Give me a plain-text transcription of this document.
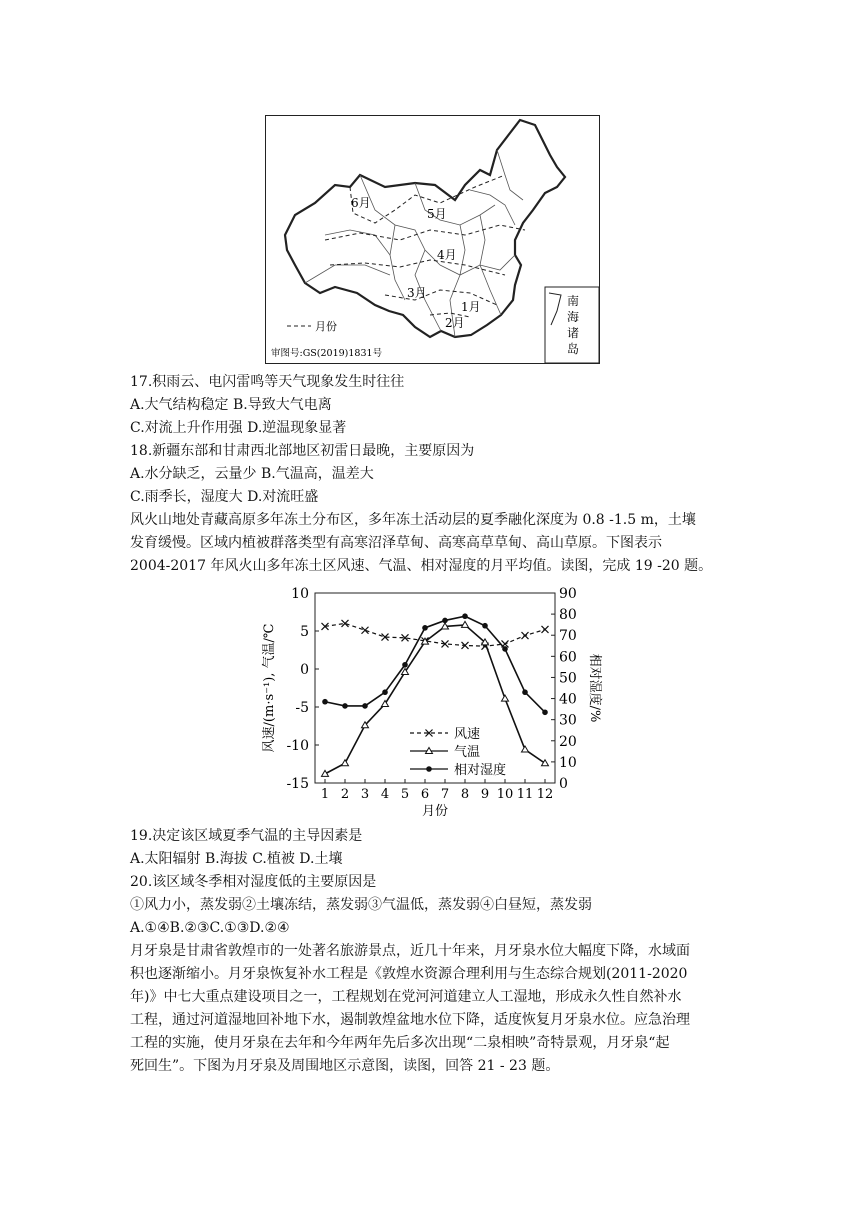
6月
5月
4月
3月
2月
1月
月份
审图号:GS(2019)1831号
南
海
诸
岛
17.积雨云、电闪雷鸣等天气现象发生时往往
A.大气结构稳定 B.导致大气电离
C.对流上升作用强 D.逆温现象显著
18.新疆东部和甘肃西北部地区初雷日最晚，主要原因为
A.水分缺乏，云量少 B.气温高，温差大
C.雨季长，湿度大 D.对流旺盛
风火山地处青藏高原多年冻土分布区，多年冻土活动层的夏季融化深度为 0.8 -1.5 m，土壤
发育缓慢。区域内植被群落类型有高寒沼泽草甸、高寒高草草甸、高山草原。下图表示
2004-2017 年风火山多年冻土区风速、气温、相对湿度的月平均值。读图，完成 19 -20 题。
10
5
0
-5
-10
-15
90
80
70
60
50
40
30
20
10
0
1 2 3 4 5 6 7 8 9 10 11 12
月份
风速/(m·s⁻¹), 气温/℃	相对湿度/%
风速
气温
相对湿度
19.决定该区域夏季气温的主导因素是
A.太阳辐射 B.海拔 C.植被 D.土壤
20.该区域冬季相对湿度低的主要原因是
①风力小，蒸发弱②土壤冻结，蒸发弱③气温低，蒸发弱④白昼短，蒸发弱
A.①④B.②③C.①③D.②④
月牙泉是甘肃省敦煌市的一处著名旅游景点，近几十年来，月牙泉水位大幅度下降，水域面
积也逐渐缩小。月牙泉恢复补水工程是《敦煌水资源合理利用与生态综合规划(2011-2020
年)》中七大重点建设项目之一，工程规划在党河河道建立人工湿地，形成永久性自然补水
工程，通过河道湿地回补地下水，遏制敦煌盆地水位下降，适度恢复月牙泉水位。应急治理
工程的实施，使月牙泉在去年和今年两年先后多次出现“二泉相映”奇特景观，月牙泉“起
死回生”。下图为月牙泉及周围地区示意图，读图，回答 21 - 23 题。
